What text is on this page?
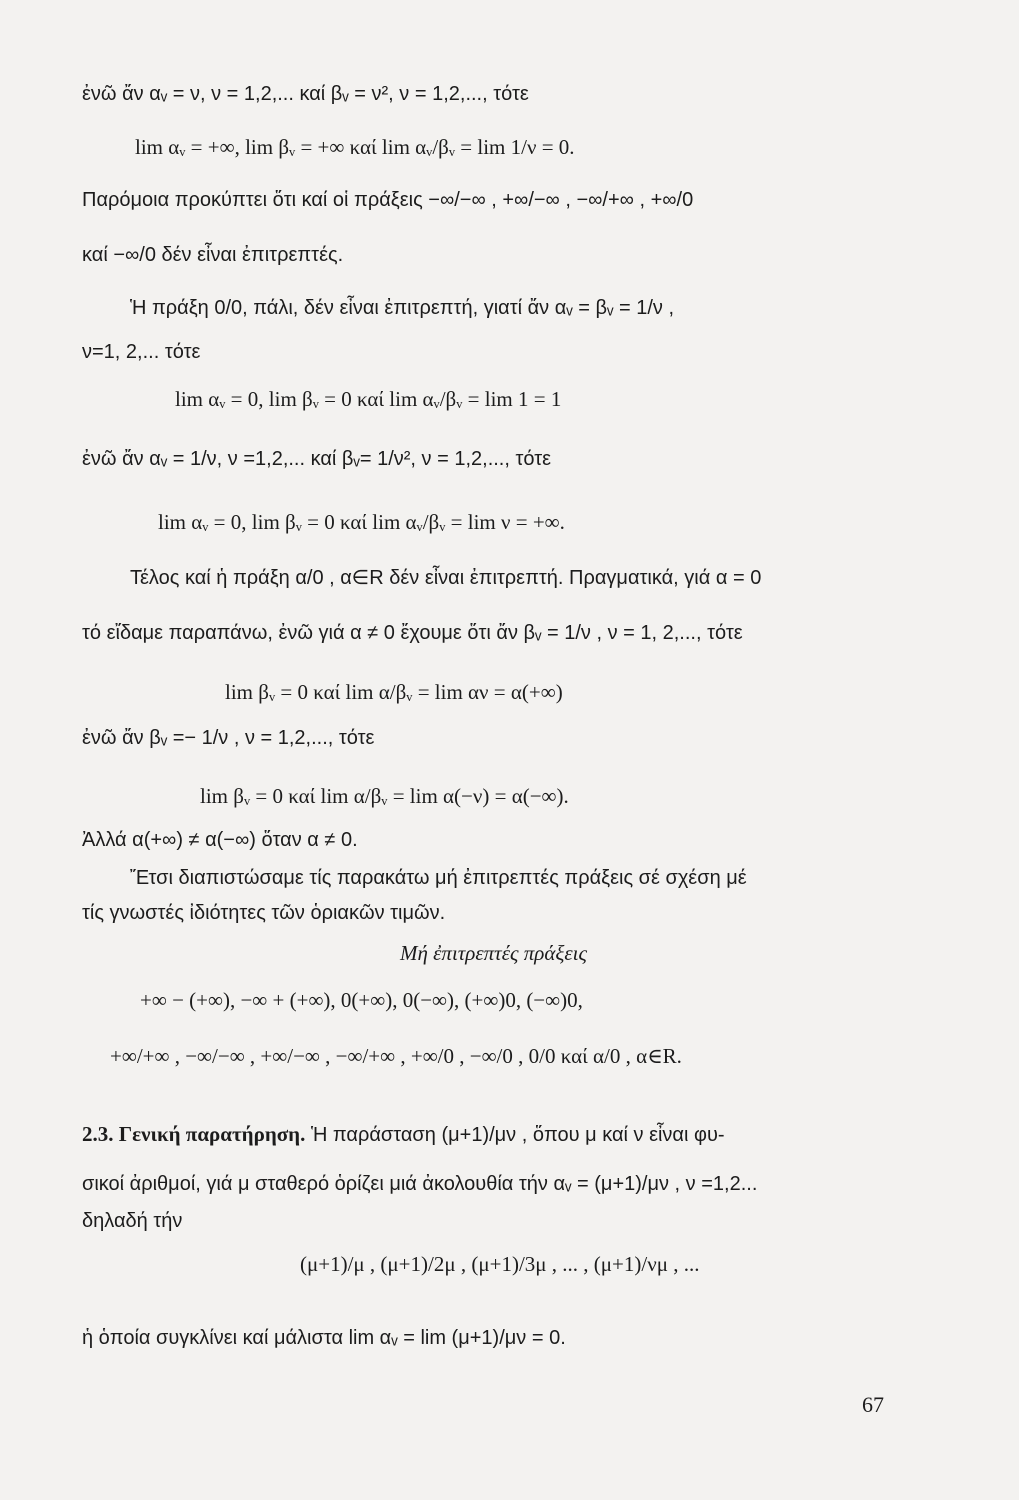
ἐνῶ ἄν αᵥ = ν, ν = 1,2,... καί βᵥ = ν², ν = 1,2,..., τότε
lim αᵥ = +∞, lim βᵥ = +∞ καί lim αᵥ/βᵥ = lim 1/ν = 0.
Παρόμοια προκύπτει ὅτι καί οἱ πράξεις −∞/−∞ , +∞/−∞ , −∞/+∞ , +∞/0
καί −∞/0 δέν εἶναι ἐπιτρεπτές.
Ἡ πράξη 0/0, πάλι, δέν εἶναι ἐπιτρεπτή, γιατί ἄν αᵥ = βᵥ = 1/ν ,
ν=1, 2,... τότε
lim αᵥ = 0, lim βᵥ = 0 καί lim αᵥ/βᵥ = lim 1 = 1
ἐνῶ ἄν αᵥ = 1/ν, ν =1,2,... καί βᵥ= 1/ν², ν = 1,2,..., τότε
lim αᵥ = 0, lim βᵥ = 0 καί lim αᵥ/βᵥ = lim ν = +∞.
Τέλος καί ἡ πράξη α/0 , α∈R δέν εἶναι ἐπιτρεπτή. Πραγματικά, γιά α = 0
τό εἴδαμε παραπάνω, ἐνῶ γιά α ≠ 0 ἔχουμε ὅτι ἄν βᵥ = 1/ν , ν = 1, 2,..., τότε
lim βᵥ = 0 καί lim α/βᵥ = lim αν = α(+∞)
ἐνῶ ἄν βᵥ =− 1/ν , ν = 1,2,..., τότε
lim βᵥ = 0 καί lim α/βᵥ = lim α(−ν) = α(−∞).
Ἀλλά α(+∞) ≠ α(−∞) ὅταν α ≠ 0.
Ἔτσι διαπιστώσαμε τίς παρακάτω μή ἐπιτρεπτές πράξεις σέ σχέση μέ
τίς γνωστές ἰδιότητες τῶν ὁριακῶν τιμῶν.
Μή ἐπιτρεπτές πράξεις
+∞ − (+∞), −∞ + (+∞), 0(+∞), 0(−∞), (+∞)0, (−∞)0,
+∞/+∞ , −∞/−∞ , +∞/−∞ , −∞/+∞ , +∞/0 , −∞/0 , 0/0 καί α/0 , α∈R.
2.3. Γενική παρατήρηση. Ἡ παράσταση (μ+1)/μν , ὅπου μ καί ν εἶναι φυ-
σικοί ἀριθμοί, γιά μ σταθερό ὁρίζει μιά ἀκολουθία τήν αᵥ = (μ+1)/μν , ν =1,2...
δηλαδή τήν
(μ+1)/μ , (μ+1)/2μ , (μ+1)/3μ , ... , (μ+1)/νμ , ...
ἡ ὁποία συγκλίνει καί μάλιστα lim αᵥ = lim (μ+1)/μν = 0.
67
